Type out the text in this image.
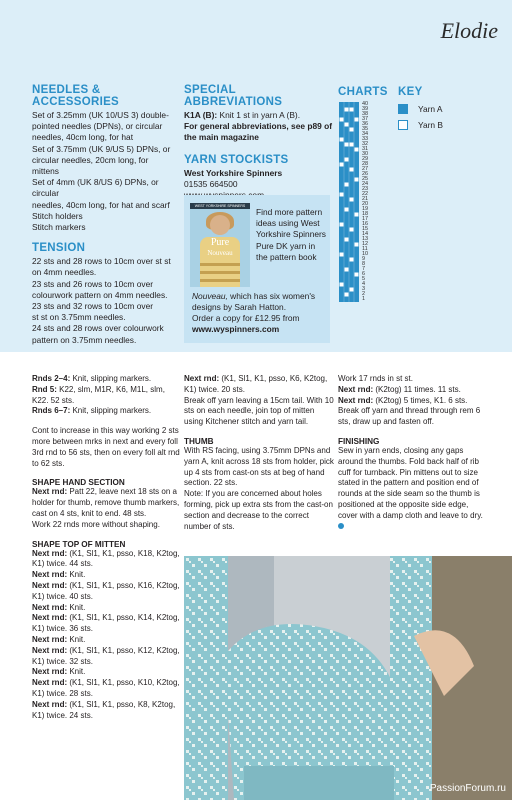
Elodie

NEEDLES & ACCESSORIES

Set of 3.25mm (UK 10/US 3) double-

pointed needles (DPNs), or circular

needles, 40cm long, for hat

Set of 3.75mm (UK 9/US 5) DPNs, or

circular needles, 20cm long, for mittens

Set of 4mm (UK 8/US 6) DPNs, or circular

needles, 40cm long, for hat and scarf

Stitch holders

Stitch markers

TENSION

22 sts and 28 rows to 10cm over st st

on 4mm needles.

23 sts and 26 rows to 10cm over

colourwork pattern on 4mm needles.

23 sts and 32 rows to 10cm over

st st on 3.75mm needles.

24 sts and 28 rows over colourwork

pattern on 3.75mm needles.

SPECIAL ABBREVIATIONS

K1A (B): Knit 1 st in yarn A (B).

For general abbreviations, see p89 of the main magazine

YARN STOCKISTS

West Yorkshire Spinners

01535 664500

WEST YORKSHIRE SPINNERS
Pure
Nouveau

Find more pattern ideas using West Yorkshire Spinners Pure DK yarn in the pattern book

Nouveau, which has six women's designs by Sarah Hatton.

Order a copy for £12.95 from

www.wyspinners.com

CHARTS

40
39
38
37
36
35
34
33
32
31
30
29
28
27
26
25
24
23
22
21
20
19
18
17
16
15
14
13
12
11
10
9
8
7
6
5
4
3
2
1

KEY

Yarn A
Yarn B

Rnds 2–4: Knit, slipping markers.

Rnd 5: K22, slm, M1R, K6, M1L, slm, K22. 52 sts.

Rnds 6–7: Knit, slipping markers.

Cont to increase in this way working 2 sts more between mrks in next and every foll 3rd rnd to 56 sts, then on every foll alt rnd to 62 sts.

SHAPE HAND SECTION

Next rnd: Patt 22, leave next 18 sts on a holder for thumb, remove thumb markers, cast on 4 sts, knit to end. 48 sts.

Work 22 rnds more without shaping.

SHAPE TOP OF MITTEN

Next rnd: (K1, Sl1, K1, psso, K18, K2tog, K1) twice. 44 sts.

Next rnd: Knit.

Next rnd: (K1, Sl1, K1, psso, K16, K2tog, K1) twice. 40 sts.

Next rnd: Knit.

Next rnd: (K1, Sl1, K1, psso, K14, K2tog, K1) twice. 36 sts.

Next rnd: Knit.

Next rnd: (K1, Sl1, K1, psso, K12, K2tog, K1) twice. 32 sts.

Next rnd: Knit.

Next rnd: (K1, Sl1, K1, psso, K10, K2tog, K1) twice. 28 sts.

Next rnd: (K1, Sl1, K1, psso, K8, K2tog, K1) twice. 24 sts.

Next rnd: (K1, Sl1, K1, psso, K6, K2tog, K1) twice. 20 sts.

Break off yarn leaving a 15cm tail. With 10 sts on each needle, join top of mitten using Kitchener stitch and yarn tail.

THUMB

With RS facing, using 3.75mm DPNs and yarn A, knit across 18 sts from holder, pick up 4 sts from cast-on sts at beg of hand section. 22 sts.

Note: If you are concerned about holes forming, pick up extra sts from the cast-on section and decrease to the correct number of sts.

Work 17 rnds in st st.

Next rnd: (K2tog) 11 times. 11 sts.

Next rnd: (K2tog) 5 times, K1. 6 sts.

Break off yarn and thread through rem 6 sts, draw up and fasten off.

FINISHING

Sew in yarn ends, closing any gaps around the thumbs. Fold back half of rib cuff for turnback. Pin mittens out to size stated in the pattern and position end of rounds at the side seam so the thumb is positioned at the opposite side edge, cover with a damp cloth and leave to dry.

PassionForum.ru
